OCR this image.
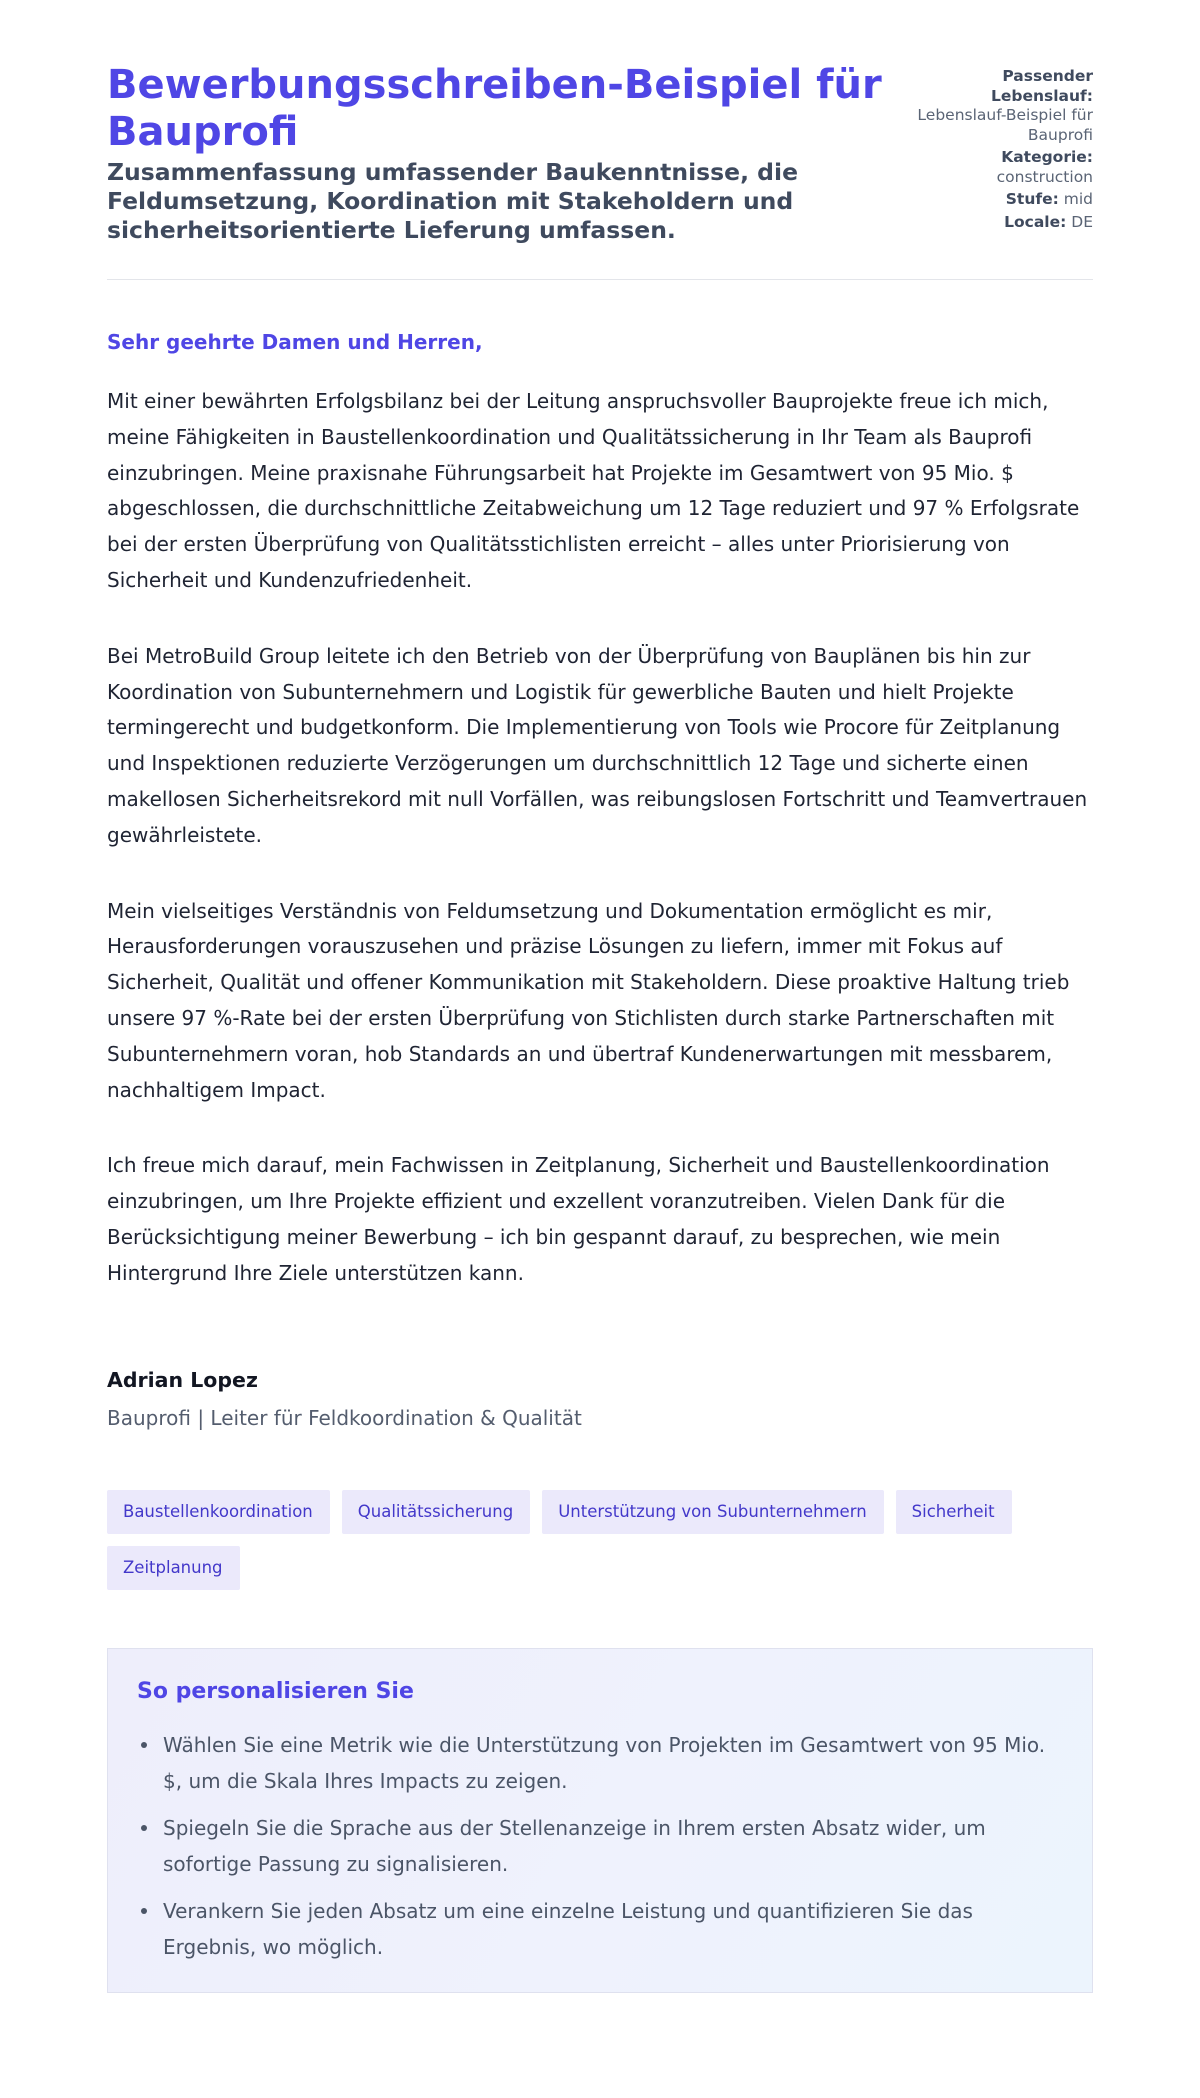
Bewerbungsschreiben-Beispiel für Bauprofi
Zusammenfassung umfassender Baukenntnisse, die Feldumsetzung, Koordination mit Stakeholdern und sicherheitsorientierte Lieferung umfassen.
Passender Lebenslauf:
Lebenslauf-Beispiel für Bauprofi
Kategorie:
construction
Stufe: mid
Locale: DE

Sehr geehrte Damen und Herren,

Mit einer bewährten Erfolgsbilanz bei der Leitung anspruchsvoller Bauprojekte freue ich mich, meine Fähigkeiten in Baustellenkoordination und Qualitätssicherung in Ihr Team als Bauprofi einzubringen. Meine praxisnahe Führungsarbeit hat Projekte im Gesamtwert von 95 Mio. $ abgeschlossen, die durchschnittliche Zeitabweichung um 12 Tage reduziert und 97 % Erfolgsrate bei der ersten Überprüfung von Qualitätsstichlisten erreicht – alles unter Priorisierung von Sicherheit und Kundenzufriedenheit.

Bei MetroBuild Group leitete ich den Betrieb von der Überprüfung von Bauplänen bis hin zur Koordination von Subunternehmern und Logistik für gewerbliche Bauten und hielt Projekte termingerecht und budgetkonform. Die Implementierung von Tools wie Procore für Zeitplanung und Inspektionen reduzierte Verzögerungen um durchschnittlich 12 Tage und sicherte einen makellosen Sicherheitsrekord mit null Vorfällen, was reibungslosen Fortschritt und Teamvertrauen gewährleistete.

Mein vielseitiges Verständnis von Feldumsetzung und Dokumentation ermöglicht es mir, Herausforderungen vorauszusehen und präzise Lösungen zu liefern, immer mit Fokus auf Sicherheit, Qualität und offener Kommunikation mit Stakeholdern. Diese proaktive Haltung trieb unsere 97 %-Rate bei der ersten Überprüfung von Stichlisten durch starke Partnerschaften mit Subunternehmern voran, hob Standards an und übertraf Kundenerwartungen mit messbarem, nachhaltigem Impact.

Ich freue mich darauf, mein Fachwissen in Zeitplanung, Sicherheit und Baustellenkoordination einzubringen, um Ihre Projekte effizient und exzellent voranzutreiben. Vielen Dank für die Berücksichtigung meiner Bewerbung – ich bin gespannt darauf, zu besprechen, wie mein Hintergrund Ihre Ziele unterstützen kann.

Adrian Lopez
Bauprofi | Leiter für Feldkoordination & Qualität
Baustellenkoordination	Qualitätssicherung	Unterstützung von Subunternehmern	Sicherheit
Zeitplanung
So personalisieren Sie
Wählen Sie eine Metrik wie die Unterstützung von Projekten im Gesamtwert von 95 Mio. $, um die Skala Ihres Impacts zu zeigen.
Spiegeln Sie die Sprache aus der Stellenanzeige in Ihrem ersten Absatz wider, um sofortige Passung zu signalisieren.
Verankern Sie jeden Absatz um eine einzelne Leistung und quantifizieren Sie das Ergebnis, wo möglich.
